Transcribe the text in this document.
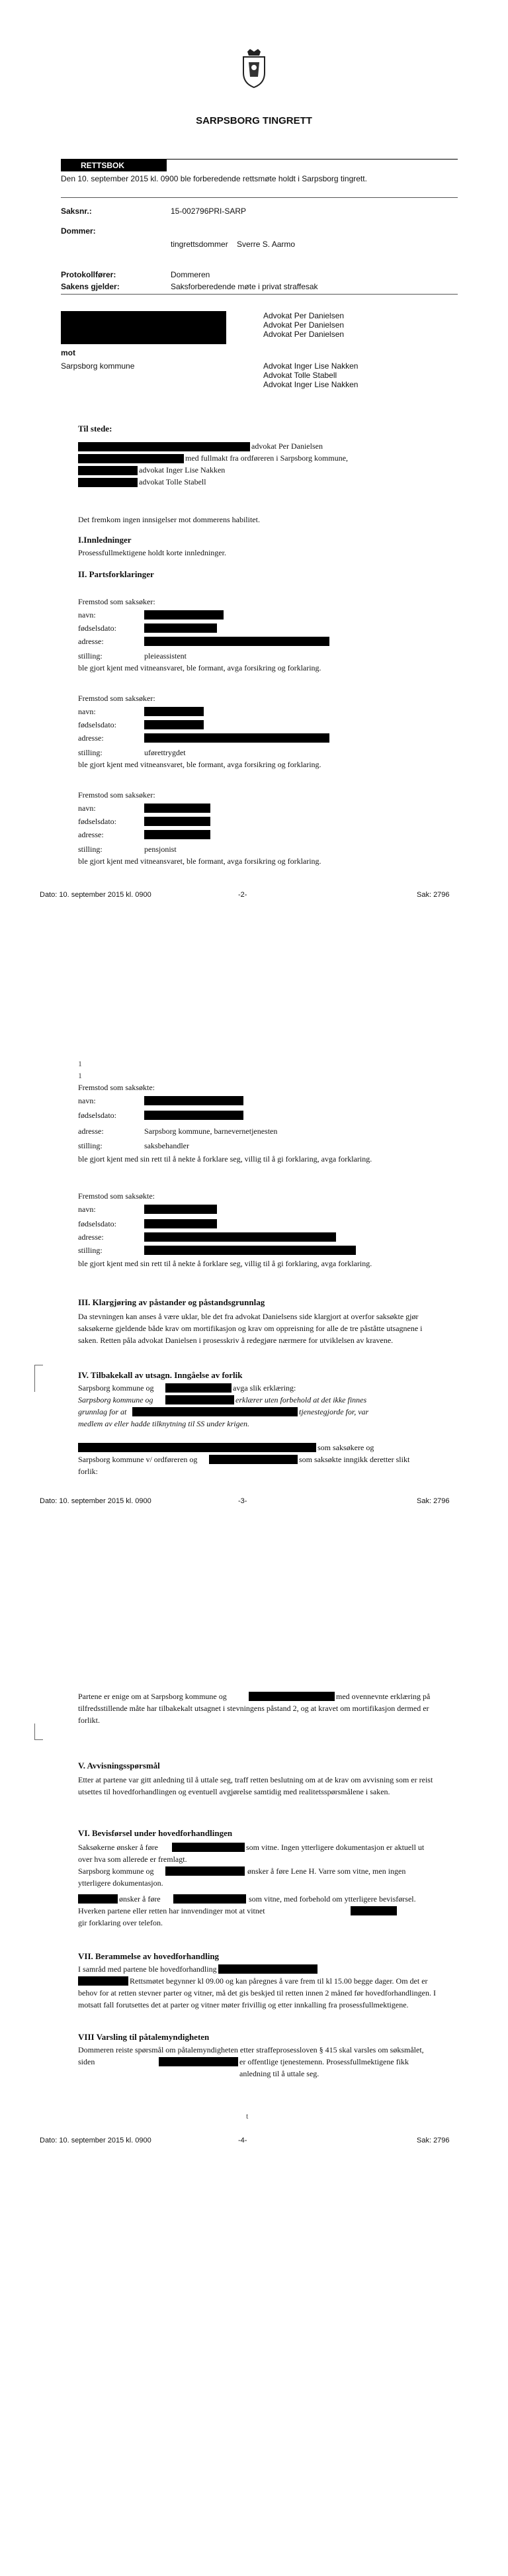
SARPSBORG TINGRETT
RETTSBOK
Den 10. september 2015 kl. 0900 ble forberedende rettsmøte holdt i Sarpsborg tingrett.
Saksnr.:	15-002796PRI-SARP
Dommer:
tingrettsdommer    Sverre S. Aarmo
Protokollfører:	Dommeren
Sakens gjelder:	Saksforberedende møte i privat straffesak
Advokat Per Danielsen
Advokat Per Danielsen
Advokat Per Danielsen
mot
Sarpsborg kommune	Advokat Inger Lise Nakken
Advokat Tolle Stabell
Advokat Inger Lise Nakken
Til stede:
advokat Per Danielsen
med fullmakt fra ordføreren i Sarpsborg kommune,
advokat Inger Lise Nakken
advokat Tolle Stabell
Det fremkom ingen innsigelser mot dommerens habilitet.
I.Innledninger
Prosessfullmektigene holdt korte innledninger.
II. Partsforklaringer
Fremstod som saksøker:
navn:
fødselsdato:
adresse:
stilling:	pleieassistent
ble gjort kjent med vitneansvaret, ble formant, avga forsikring og forklaring.
Fremstod som saksøker:
navn:
fødselsdato:
adresse:
stilling:	uførettrygdet
ble gjort kjent med vitneansvaret, ble formant, avga forsikring og forklaring.
Fremstod som saksøker:
navn:
fødselsdato:
adresse:
stilling:	pensjonist
ble gjort kjent med vitneansvaret, ble formant, avga forsikring og forklaring.
Dato: 10. september 2015 kl. 0900	-2-	Sak: 2796
1
1
Fremstod som saksøkte:
navn:
fødselsdato:
adresse:	Sarpsborg kommune, barnevernetjenesten
stilling:	saksbehandler
ble gjort kjent med sin rett til å nekte å forklare seg, villig til å gi forklaring, avga forklaring.
Fremstod som saksøkte:
navn:
fødselsdato:
adresse:
stilling:
ble gjort kjent med sin rett til å nekte å forklare seg, villig til å gi forklaring, avga forklaring.
III. Klargjøring av påstander og påstandsgrunnlag
Da stevningen kan anses å være uklar, ble det fra advokat Danielsens side klargjort at overfor saksøkte gjør saksøkerne gjeldende både krav om mortifikasjon og krav om oppreisning for alle de tre påståtte utsagnene i saken. Retten påla advokat Danielsen i prosesskriv å redegjøre nærmere for utviklelsen av kravene.
IV. Tilbakekall av utsagn. Inngåelse av forlik
Sarpsborg kommune og	avga slik erklæring:
Sarpsborg kommune og	erklærer uten forbehold at det ikke finnes
grunnlag for at	tjenestegjorde for, var
medlem av eller hadde tilknytning til SS under krigen.
som saksøkere og
Sarpsborg kommune v/ ordføreren og	som saksøkte inngikk deretter slikt
forlik:
Dato: 10. september 2015 kl. 0900	-3-	Sak: 2796
Partene er enige om at Sarpsborg kommune og	med ovennevnte erklæring på tilfredsstillende måte har tilbakekalt utsagnet i stevningens påstand 2, og at kravet om mortifikasjon dermed er forlikt.
V. Avvisningsspørsmål
Etter at partene var gitt anledning til å uttale seg, traff retten beslutning om at de krav om avvisning som er reist utsettes til hovedforhandlingen og eventuell avgjørelse samtidig med realitetsspørsmålene i saken.
VI. Bevisførsel under hovedforhandlingen
Saksøkerne ønsker å føre	som vitne. Ingen ytterligere dokumentasjon er aktuell ut over hva som allerede er fremlagt.
Sarpsborg kommune og	ønsker å føre Lene H. Varre som vitne, men ingen ytterligere dokumentasjon.
ønsker å føre	som vitne, med forbehold om ytterligere bevisførsel. Hverken partene eller retten har innvendinger mot at vitnet
gir forklaring over telefon.
VII. Berammelse av hovedforhandling
I samråd med partene ble hovedforhandling
Rettsmøtet begynner kl 09.00 og kan påregnes å vare frem til kl 15.00 begge dager. Om det er behov for at retten stevner parter og vitner, må det gis beskjed til retten innen 2 måned før hovedforhandlingen. I motsatt fall forutsettes det at parter og vitner møter frivillig og etter innkalling fra prosessfullmektigene.
VIII Varsling til påtalemyndigheten
Dommeren reiste spørsmål om påtalemyndigheten etter straffeprosessloven § 415 skal varsles om søksmålet, siden	er offentlige tjenestemenn. Prosessfullmektigene fikk anledning til å uttale seg.
t
Dato: 10. september 2015 kl. 0900	-4-	Sak: 2796
